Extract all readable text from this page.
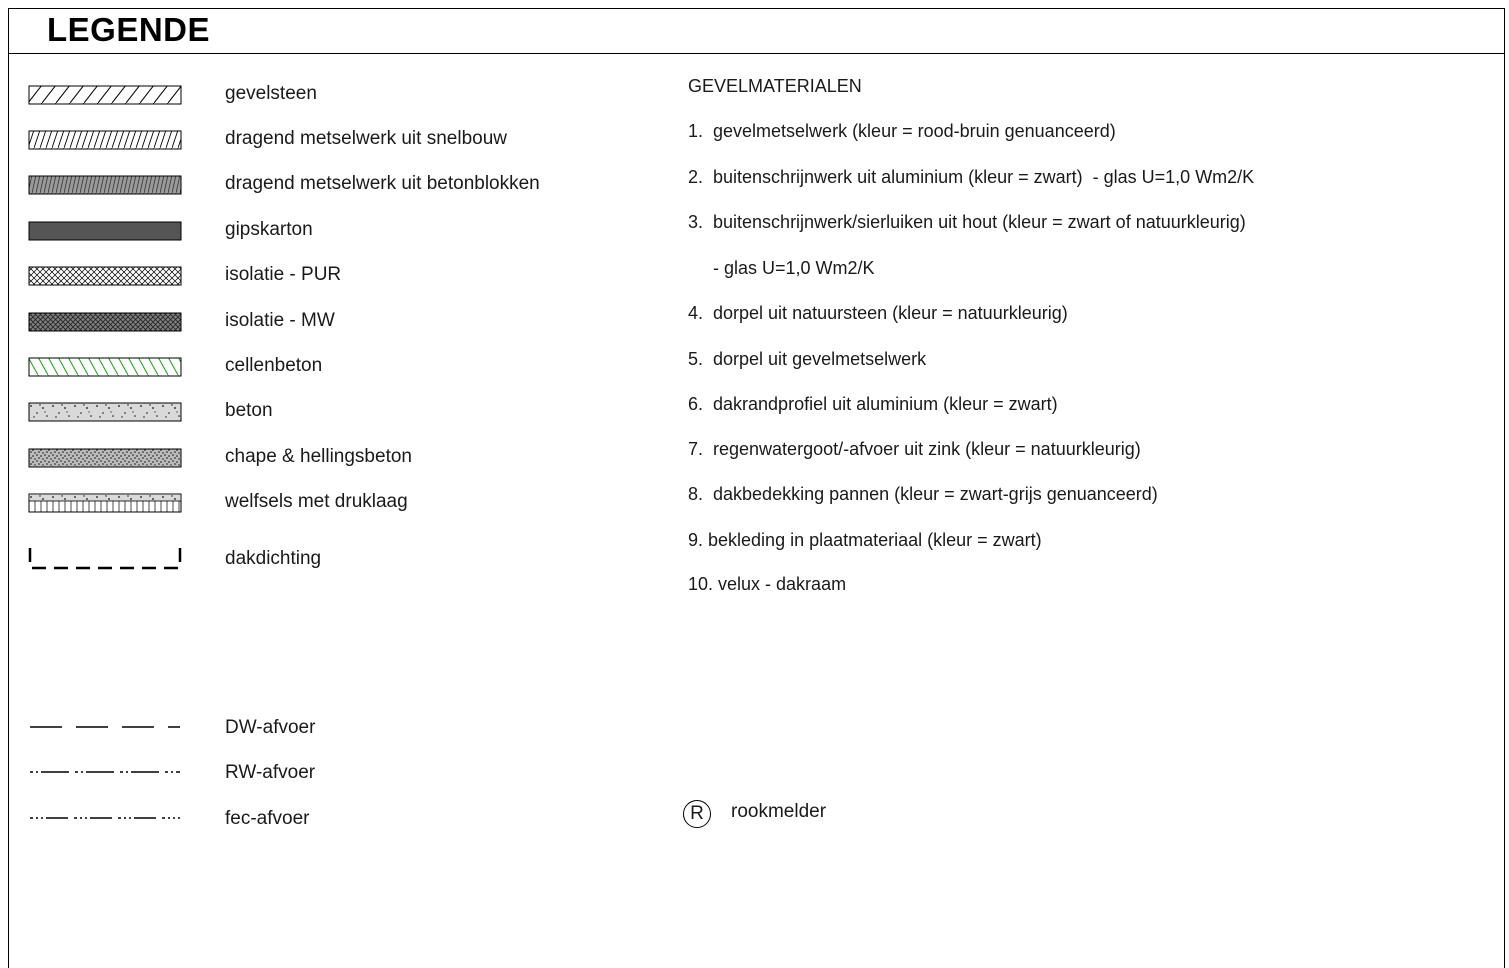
LEGENDE
gevelsteen
dragend metselwerk uit snelbouw
dragend metselwerk uit betonblokken
gipskarton
isolatie - PUR
isolatie - MW
cellenbeton
beton
chape & hellingsbeton
welfsels met druklaag
dakdichting
DW-afvoer
RW-afvoer
fec-afvoer
GEVELMATERIALEN
1.  gevelmetselwerk (kleur = rood-bruin genuanceerd)
2.  buitenschrijnwerk uit aluminium (kleur = zwart)  - glas U=1,0 Wm2/K
3.  buitenschrijnwerk/sierluiken uit hout (kleur = zwart of natuurkleurig)
- glas U=1,0 Wm2/K
4.  dorpel uit natuursteen (kleur = natuurkleurig)
5.  dorpel uit gevelmetselwerk
6.  dakrandprofiel uit aluminium (kleur = zwart)
7.  regenwatergoot/-afvoer uit zink (kleur = natuurkleurig)
8.  dakbedekking pannen (kleur = zwart-grijs genuanceerd)
9. bekleding in plaatmateriaal (kleur = zwart)
10. velux - dakraam
R	rookmelder
